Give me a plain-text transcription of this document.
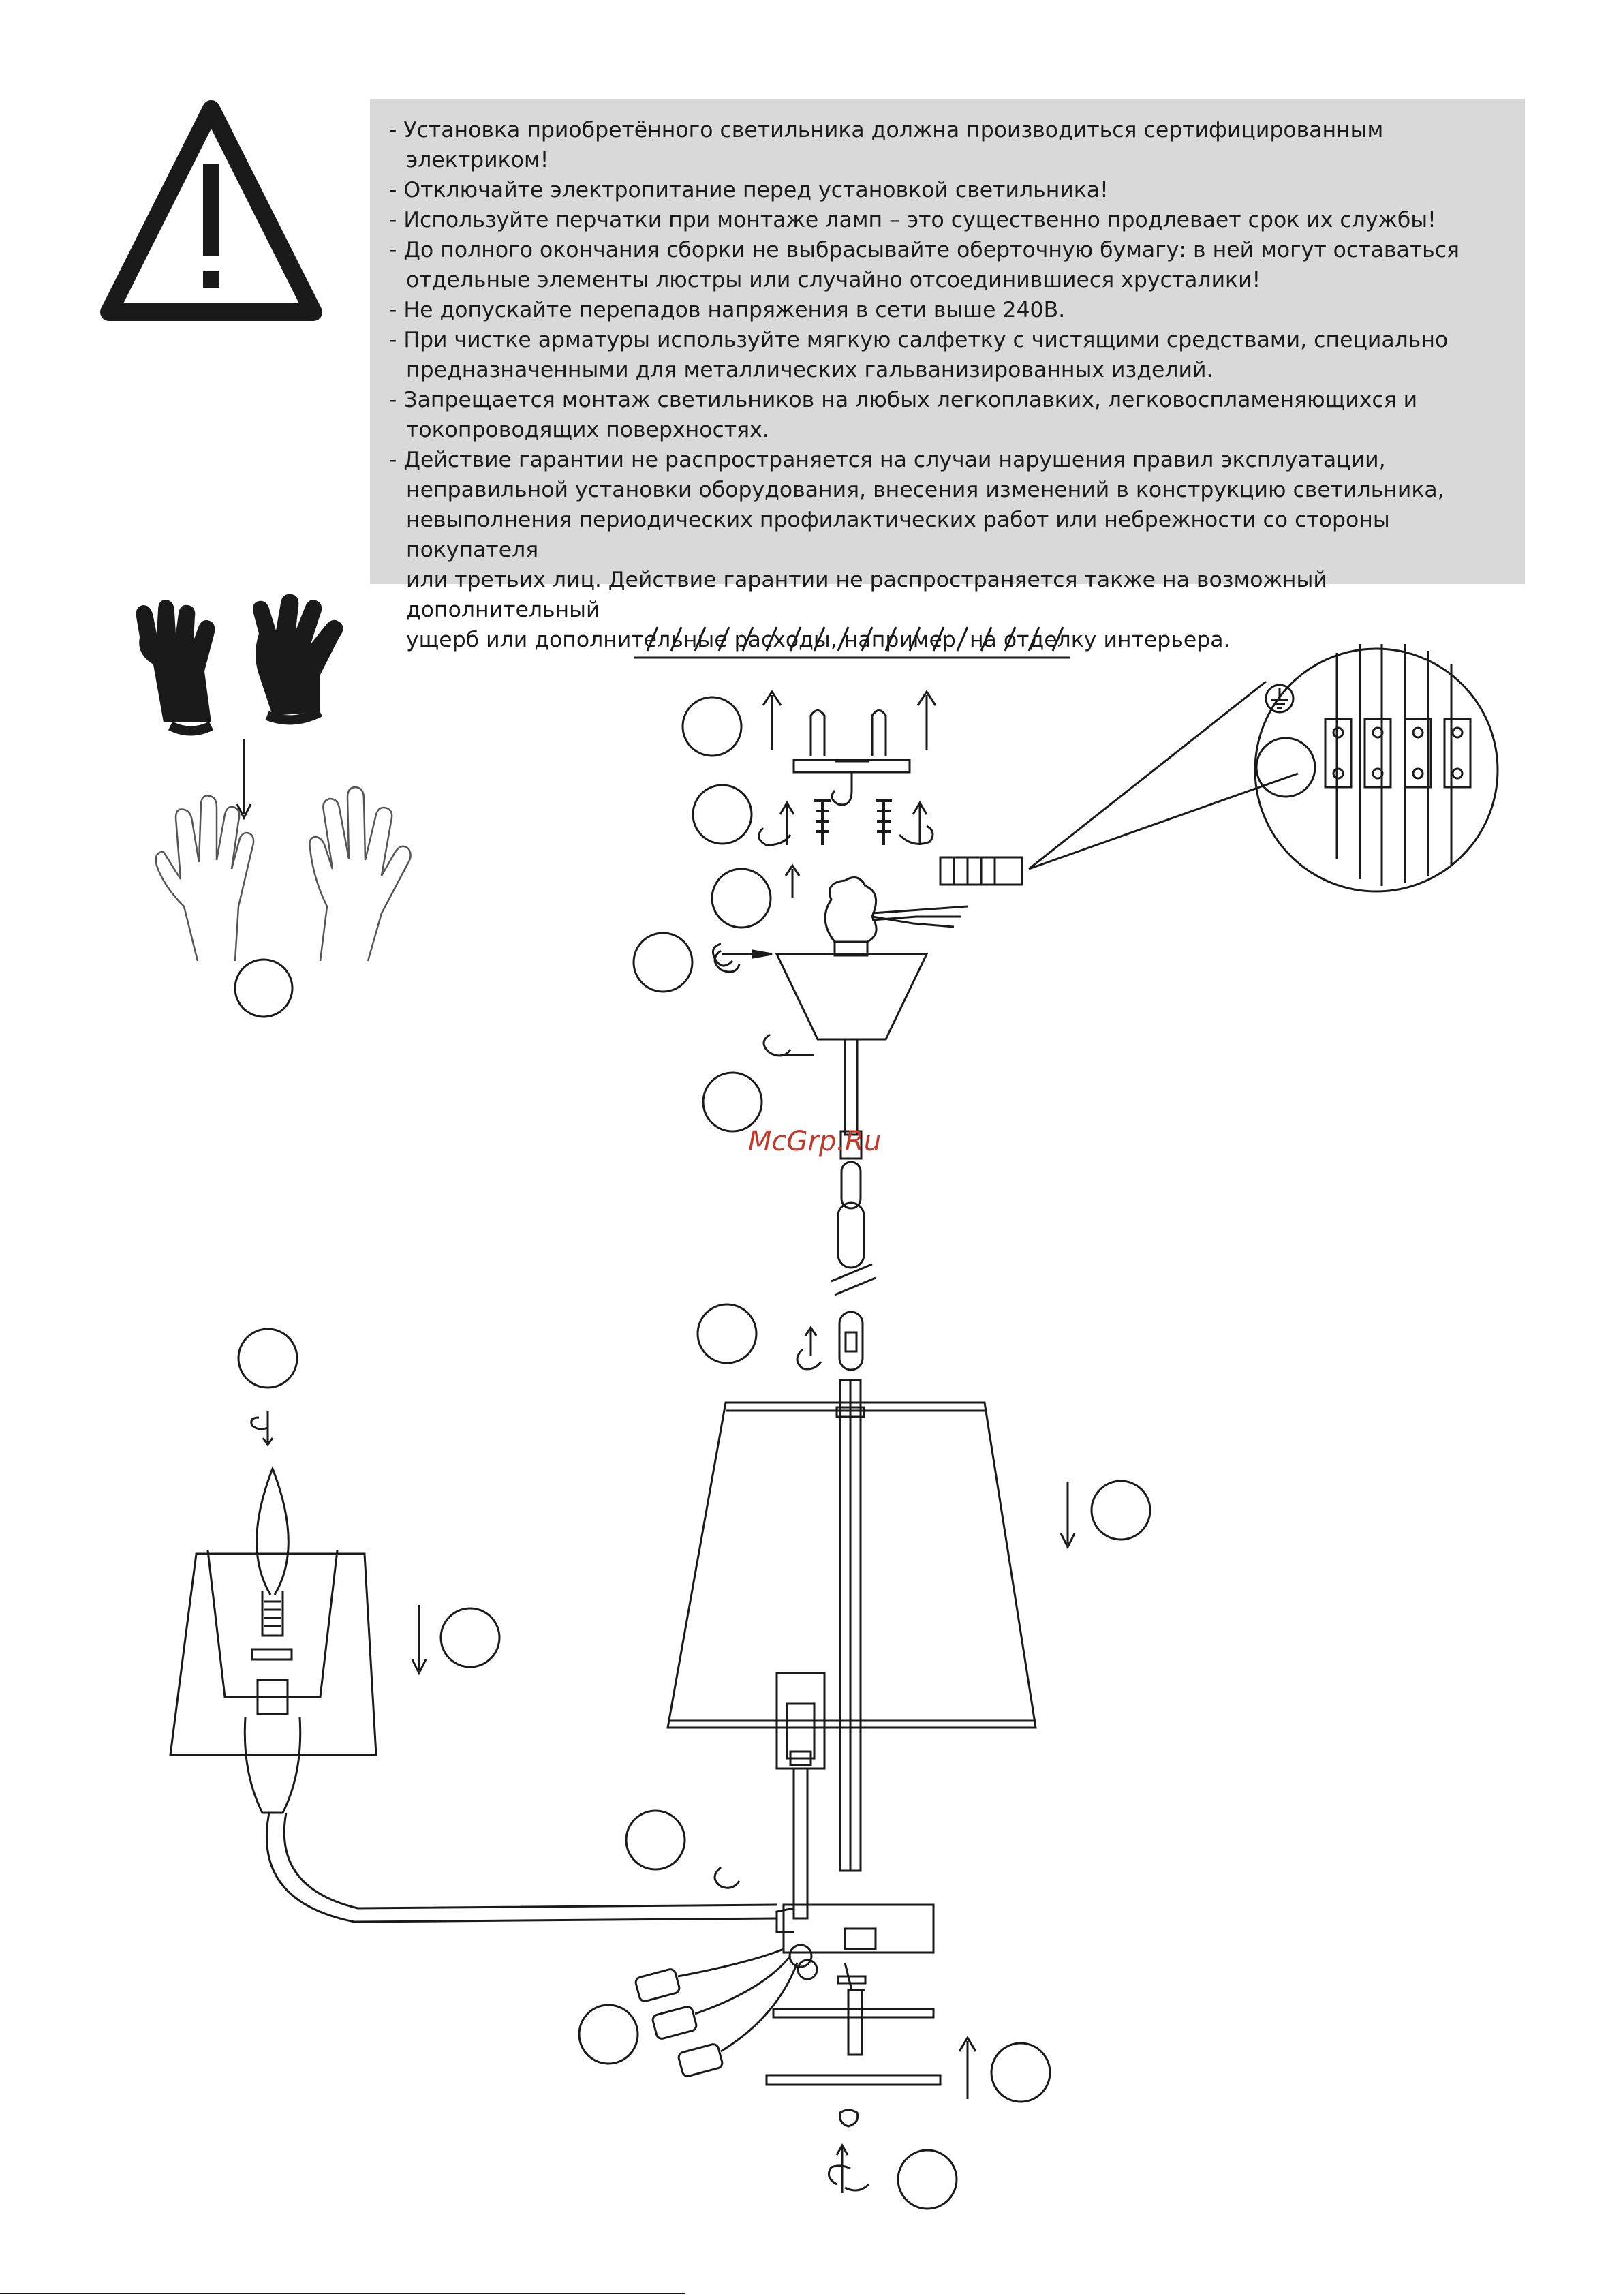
- Установка приобретённого светильника должна производиться сертифицированным электриком!

- Отключайте электропитание перед установкой светильника!

- Используйте перчатки при монтаже ламп – это существенно продлевает срок их службы!

- До полного окончания сборки не выбрасывайте оберточную бумагу: в ней могут оставаться
отдельные элементы люстры или случайно отсоединившиеся хрусталики!

- Не допускайте перепадов напряжения в сети выше 240В.

- При чистке арматуры используйте мягкую салфетку с чистящими средствами, специально
предназначенными для металлических гальванизированных изделий.

- Запрещается монтаж светильников на любых легкоплавких, легковоспламеняющихся и
токопроводящих поверхностях.

- Действие гарантии не распространяется на случаи нарушения правил эксплуатации,
неправильной установки оборудования, внесения изменений в конструкцию светильника,
невыполнения периодических профилактических работ или небрежности со стороны покупателя
или третьих лиц. Действие гарантии не распространяется также на возможный дополнительный
ущерб или дополнительные расходы, например, на отделку интерьера.

McGrp.Ru
